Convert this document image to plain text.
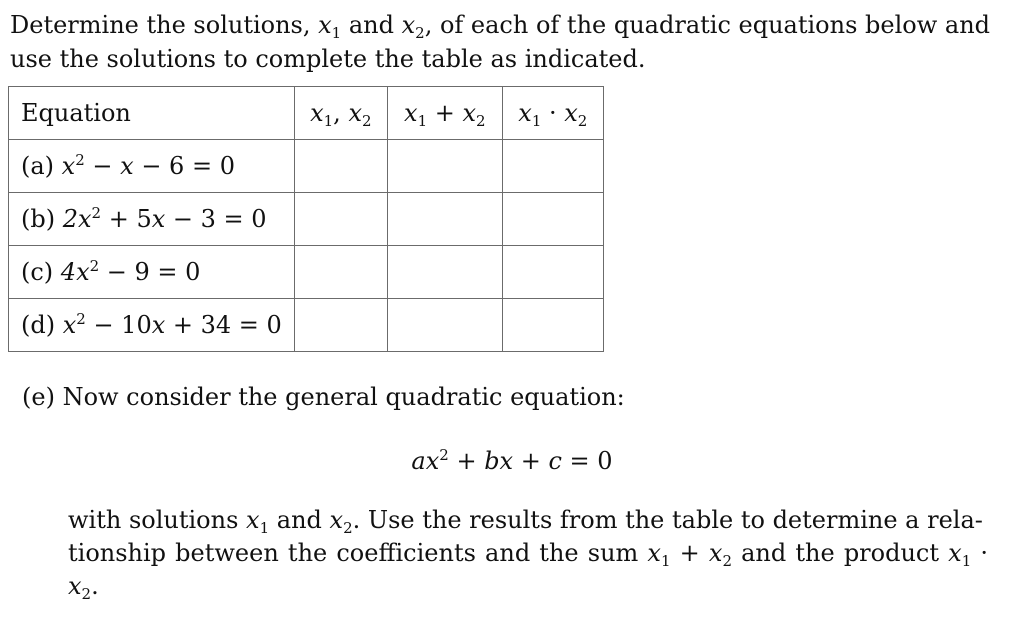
Determine the solutions, $x_1$ and $x_2$, of each of the quadratic equations below and

use the solutions to complete the table as indicated.

Equation	$x_1$, $x_2$	$x_1 + x_2$	$x_1 \cdot x_2$
(a) $x^2 - x - 6 = 0$			
(b) $2x^2 + 5x - 3 = 0$			
(c) $4x^2 - 9 = 0$			
(d) $x^2 - 10x + 34 = 0$			
(e) Now consider the general quadratic equation:
$ax^2$ + bx + c = 0

with solutions $x_1$ and $x_2$. Use the results from the table to determine a rela-

tionship between the coefficients and the sum $x_1 + x_2$ and the product $x_1 \cdot x_2$.
